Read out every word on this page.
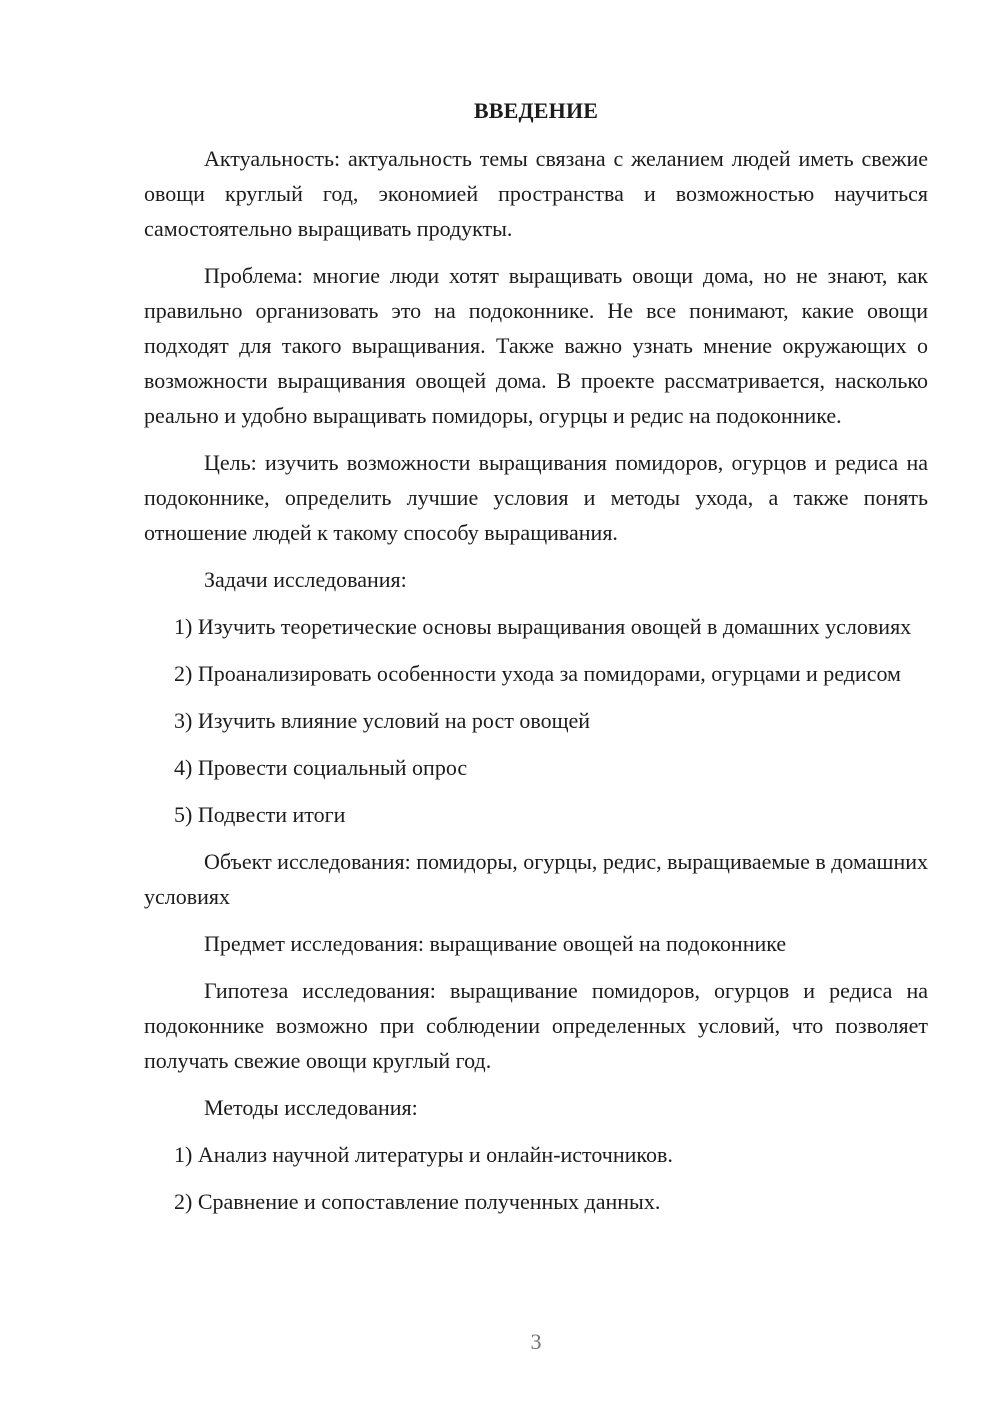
ВВЕДЕНИЕ

Актуальность: актуальность темы связана с желанием людей иметь свежие овощи круглый год, экономией пространства и возможностью научиться самостоятельно выращивать продукты.

Проблема: многие люди хотят выращивать овощи дома, но не знают, как правильно организовать это на подоконнике. Не все понимают, какие овощи подходят для такого выращивания. Также важно узнать мнение окружающих о возможности выращивания овощей дома. В проекте рассматривается, насколько реально и удобно выращивать помидоры, огурцы и редис на подоконнике.

Цель: изучить возможности выращивания помидоров, огурцов и редиса на подоконнике, определить лучшие условия и методы ухода, а также понять отношение людей к такому способу выращивания.

Задачи исследования:

1) Изучить теоретические основы выращивания овощей в домашних условиях

2) Проанализировать особенности ухода за помидорами, огурцами и редисом

3) Изучить влияние условий на рост овощей

4) Провести социальный опрос

5) Подвести итоги

Объект исследования: помидоры, огурцы, редис, выращиваемые в домашних условиях

Предмет исследования: выращивание овощей на подоконнике

Гипотеза исследования: выращивание помидоров, огурцов и редиса на подоконнике возможно при соблюдении определенных условий, что позволяет получать свежие овощи круглый год.

Методы исследования:

1) Анализ научной литературы и онлайн-источников.

2) Сравнение и сопоставление полученных данных.

3
